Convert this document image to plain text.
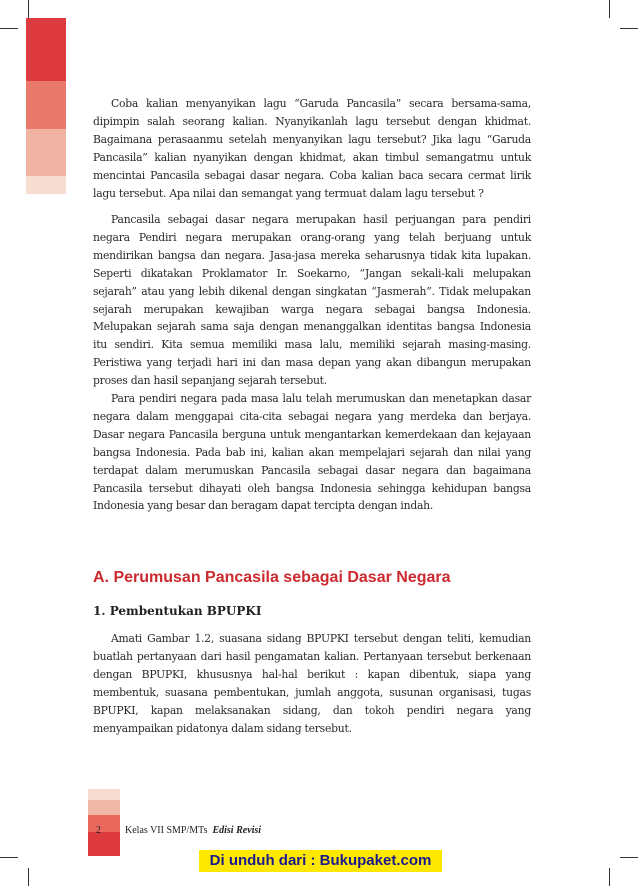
Coba kalian menyanyikan lagu “Garuda Pancasila” secara bersama-sama, dipimpin salah seorang kalian. Nyanyikanlah lagu tersebut dengan khidmat. Bagaimana perasaanmu setelah menyanyikan lagu tersebut? Jika lagu “Garuda Pancasila” kalian nyanyikan dengan khidmat, akan timbul semangatmu untuk mencintai Pancasila sebagai dasar negara. Coba kalian baca secara cermat lirik lagu tersebut. Apa nilai dan semangat yang termuat dalam lagu tersebut ?

Pancasila sebagai dasar negara merupakan hasil perjuangan para pendiri negara Pendiri negara merupakan orang-orang yang telah berjuang untuk mendirikan bangsa dan negara. Jasa-jasa mereka seharusnya tidak kita lupakan. Seperti dikatakan Proklamator Ir. Soekarno, “Jangan sekali-kali melupakan sejarah” atau yang lebih dikenal dengan singkatan “Jasmerah”. Tidak melupakan sejarah merupakan kewajiban warga negara sebagai bangsa Indonesia. Melupakan sejarah sama saja dengan menanggalkan identitas bangsa Indonesia itu sendiri. Kita semua memiliki masa lalu, memiliki sejarah masing-masing. Peristiwa yang terjadi hari ini dan masa depan yang akan dibangun merupakan proses dan hasil sepanjang sejarah tersebut.

Para pendiri negara pada masa lalu telah merumuskan dan menetapkan dasar negara dalam menggapai cita-cita sebagai negara yang merdeka dan berjaya. Dasar negara Pancasila berguna untuk mengantarkan kemerdekaan dan kejayaan bangsa Indonesia. Pada bab ini, kalian akan mempelajari sejarah dan nilai yang terdapat dalam merumuskan Pancasila sebagai dasar negara dan bagaimana Pancasila tersebut dihayati oleh bangsa Indonesia sehingga kehidupan bangsa Indonesia yang besar dan beragam dapat tercipta dengan indah.

A. Perumusan Pancasila sebagai Dasar Negara
1. Pembentukan BPUPKI

Amati Gambar 1.2, suasana sidang BPUPKI tersebut dengan teliti, kemudian buatlah pertanyaan dari hasil pengamatan kalian. Pertanyaan tersebut berkenaan dengan BPUPKI, khususnya hal-hal berikut : kapan dibentuk, siapa yang membentuk, suasana pembentukan, jumlah anggota, susunan organisasi, tugas BPUPKI, kapan melaksanakan sidang, dan tokoh pendiri negara yang menyampaikan pidatonya dalam sidang tersebut.

2 Kelas VII SMP/MTs Edisi Revisi
Di unduh dari : Bukupaket.com
